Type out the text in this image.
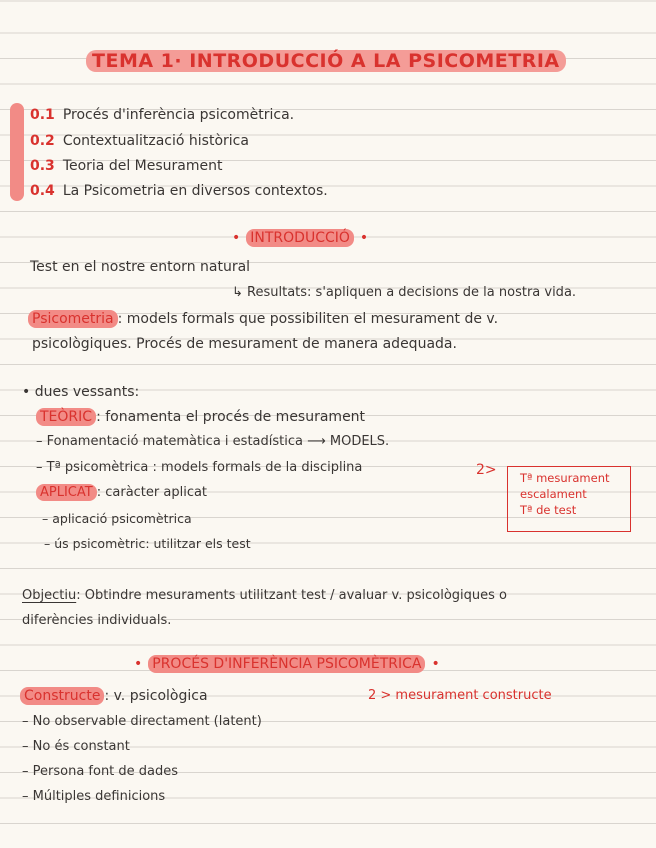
TEMA 1· INTRODUCCIÓ A LA PSICOMETRIA
0.1 Procés d'inferència psicomètrica.
0.2 Contextualització històrica
0.3 Teoria del Mesurament
0.4 La Psicometria en diversos contextos.
• INTRODUCCIÓ •
Test en el nostre entorn natural
↳ Resultats: s'apliquen a decisions de la nostra vida.
Psicometria : models formals que possibiliten el mesurament de v.
psicològiques. Procés de mesurament de manera adequada.
• dues vessants:
TEÒRIC : fonamenta el procés de mesurament
– Fonamentació matemàtica i estadística ⟶ MODELS.
– Tª psicomètrica : models formals de la disciplina	2> Tª mesurament
escalament
Tª de test
APLICAT : caràcter aplicat
– aplicació psicomètrica
– ús psicomètric: utilitzar els test
Objectiu: Obtindre mesuraments utilitzant test / avaluar v. psicològiques o
diferències individuals.
• PROCÉS D'INFERÈNCIA PSICOMÈTRICA •
Constructe : v. psicològica	2 > mesurament constructe
– No observable directament (latent)
– No és constant
– Persona font de dades
– Múltiples definicions
